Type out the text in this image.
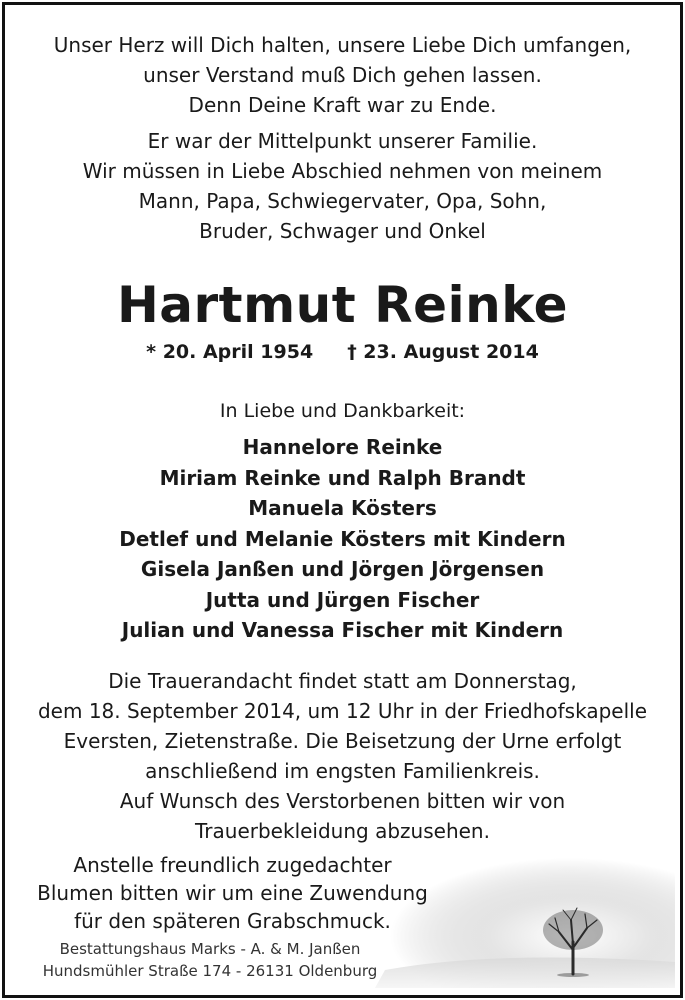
Unser Herz will Dich halten, unsere Liebe Dich umfangen,
unser Verstand muß Dich gehen lassen.
Denn Deine Kraft war zu Ende.
Er war der Mittelpunkt unserer Familie.
Wir müssen in Liebe Abschied nehmen von meinem
Mann, Papa, Schwiegervater, Opa, Sohn,
Bruder, Schwager und Onkel
Hartmut Reinke
* 20. April 1954 † 23. August 2014
In Liebe und Dankbarkeit:
Hannelore Reinke
Miriam Reinke und Ralph Brandt
Manuela Kösters
Detlef und Melanie Kösters mit Kindern
Gisela Janßen und Jörgen Jörgensen
Jutta und Jürgen Fischer
Julian und Vanessa Fischer mit Kindern
Die Trauerandacht findet statt am Donnerstag,
dem 18. September 2014, um 12 Uhr in der Friedhofskapelle
Eversten, Zietenstraße. Die Beisetzung der Urne erfolgt
anschließend im engsten Familienkreis.
Auf Wunsch des Verstorbenen bitten wir von
Trauerbekleidung abzusehen.
Anstelle freundlich zugedachter
Blumen bitten wir um eine Zuwendung
für den späteren Grabschmuck.
Bestattungshaus Marks - A. & M. Janßen
Hundsmühler Straße 174 - 26131 Oldenburg
